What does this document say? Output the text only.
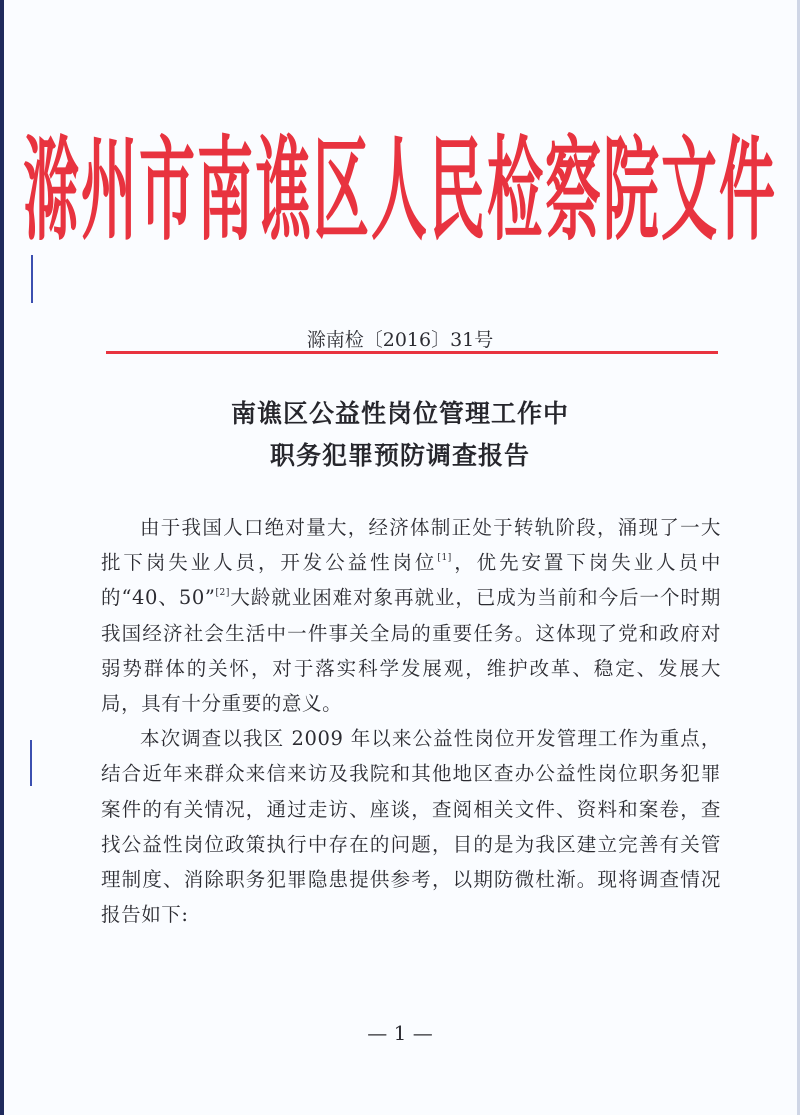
滁州市南谯区人民检察院文件
滁南检〔2016〕31号
南谯区公益性岗位管理工作中
职务犯罪预防调查报告

由于我国人口绝对量大，经济体制正处于转轨阶段，涌现了一大批下岗失业人员，开发公益性岗位[1]，优先安置下岗失业人员中的“40、50”[2]大龄就业困难对象再就业，已成为当前和今后一个时期我国经济社会生活中一件事关全局的重要任务。这体现了党和政府对弱势群体的关怀，对于落实科学发展观，维护改革、稳定、发展大局，具有十分重要的意义。

本次调查以我区 2009 年以来公益性岗位开发管理工作为重点，结合近年来群众来信来访及我院和其他地区查办公益性岗位职务犯罪案件的有关情况，通过走访、座谈，查阅相关文件、资料和案卷，查找公益性岗位政策执行中存在的问题，目的是为我区建立完善有关管理制度、消除职务犯罪隐患提供参考，以期防微杜渐。现将调查情况报告如下:

— 1 —
